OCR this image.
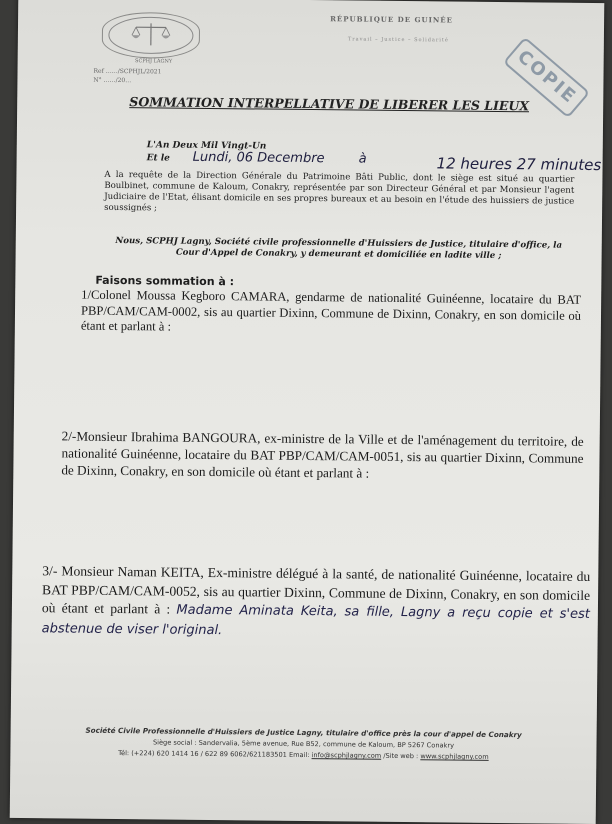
SCPHJ LAGNY
Ref ……/SCPHJL/2021
N° ……/20…
RÉPUBLIQUE DE GUINÉE
Travail – Justice – Solidarité
COPIE
SOMMATION INTERPELLATIVE DE LIBERER LES LIEUX
L'An Deux Mil Vingt-Un
Et le Lundi, 06 Decembre	à	12 heures 27 minutes
A la requête de la Direction Générale du Patrimoine Bâti Public, dont le siège est situé au quartier Boulbinet, commune de Kaloum, Conakry, représentée par son Directeur Général et par Monsieur l'agent Judiciaire de l'Etat, élisant domicile en ses propres bureaux et au besoin en l'étude des huissiers de justice soussignés ;
Nous, SCPHJ Lagny, Société civile professionnelle d'Huissiers de Justice, titulaire d'office, la Cour d'Appel de Conakry, y demeurant et domiciliée en ladite ville ;
Faisons sommation à :
1/Colonel Moussa Kegboro CAMARA, gendarme de nationalité Guinéenne, locataire du BAT PBP/CAM/CAM-0002, sis au quartier Dixinn, Commune de Dixinn, Conakry, en son domicile où étant et parlant à :
2/-Monsieur Ibrahima BANGOURA, ex-ministre de la Ville et de l'aménagement du territoire, de nationalité Guinéenne, locataire du BAT PBP/CAM/CAM-0051, sis au quartier Dixinn, Commune de Dixinn, Conakry, en son domicile où étant et parlant à :
3/- Monsieur Naman KEITA, Ex-ministre délégué à la santé, de nationalité Guinéenne, locataire du BAT PBP/CAM/CAM-0052, sis au quartier Dixinn, Commune de Dixinn, Conakry, en son domicile où étant et parlant à : Madame Aminata Keita, sa fille, Lagny a reçu copie et s'est abstenue de viser l'original.
Société Civile Professionnelle d'Huissiers de Justice Lagny, titulaire d'office près la cour d'appel de Conakry
Siège social : Sandervalia, 5ème avenue, Rue B52, commune de Kaloum, BP 5267 Conakry
Tél: (+224) 620 1414 16 / 622 89 6062/621183501 Email: info@scphjlagny.com /Site web : www.scphjlagny.com
